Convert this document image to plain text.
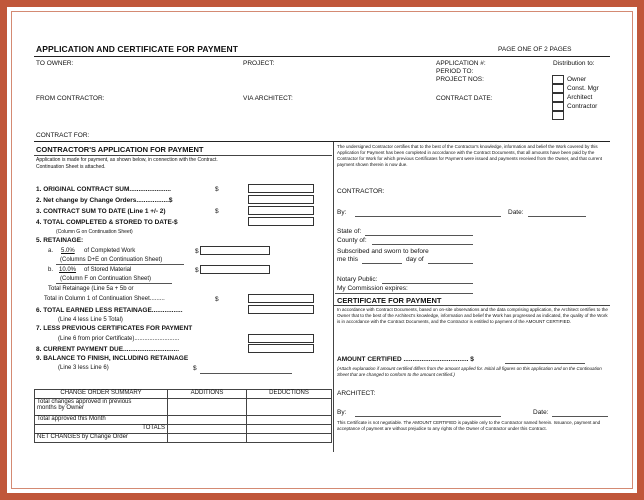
APPLICATION AND CERTIFICATE FOR PAYMENT	PAGE ONE OF 2 PAGES
TO OWNER:	PROJECT:	APPLICATION #:
PERIOD TO:
PROJECT NOS:
Distribution to:
Owner
Const. Mgr
Architect
Contractor
FROM CONTRACTOR:	VIA ARCHITECT:	CONTRACT DATE:
CONTRACT FOR:
CONTRACTOR'S APPLICATION FOR PAYMENT
Application is made for payment, as shown below, in connection with the Contract.
Continuation Sheet is attached.
1. ORIGINAL CONTRACT SUM.......................	$
2. Net change by Change Orders..................$
3. CONTRACT SUM TO DATE (Line 1 +/- 2)	$
4. TOTAL COMPLETED & STORED TO DATE-$
(Column G on Continuation Sheet)
5. RETAINAGE:
a. 5.0% of Completed Work	$
(Columns D+E on Continuation Sheet)
b. 10.0% of Stored Material	$
(Column F on Continuation Sheet)
Total Retainage (Line 5a + 5b or
Total in Column 1 of Continuation Sheet.........	$
6. TOTAL EARNED LESS RETAINAGE.................
(Line 4 less Line 5 Total)
7. LESS PREVIOUS CERTIFICATES FOR PAYMENT
(Line 6 from prior Certificate)...........................
8. CURRENT PAYMENT DUE...............................
9. BALANCE TO FINISH, INCLUDING RETAINAGE
(Line 3 less Line 6)	$
CHANGE ORDER SUMMARY	ADDITIONS	DEDUCTIONS
Total changes approved in previous
months by Owner		
Total approved this Month		
TOTALS		
NET CHANGES by Change Order		
The undersigned Contractor certifies that to the best of the Contractor's knowledge, information and belief the Work covered by this Application for Payment has been completed in accordance with the Contract Documents, that all amounts have been paid by the Contractor for Work for which previous Certificates for Payment were issued and payments received from the Owner, and that current payment shown therein is now due.
CONTRACTOR:
By:	Date:
State of:
County of:
Subscribed and sworn to before
me this	day of
Notary Public:
My Commission expires:
CERTIFICATE FOR PAYMENT
In accordance with Contract Documents, based on on-site observations and the data comprising application, the Architect certifies to the Owner that to the best of the Architect's knowledge, information and belief the Work has progressed as indicated, the quality of the Work is in accordance with the Contract Documents, and the Contractor is entitled to payment of the AMOUNT CERTIFIED.
AMOUNT CERTIFIED .................................... $
(Attach explanation if amount certified differs from the amount applied for. Initial all figures on this application and on the Continuation Sheet that are changed to conform to the amount certified.)
ARCHITECT:
By:	Date:
This Certificate is not negotiable. The AMOUNT CERTIFIED is payable only to the Contractor named herein. Issuance, payment and acceptance of payment are without prejudice to any rights of the Owner of Contractor under this Contract.
